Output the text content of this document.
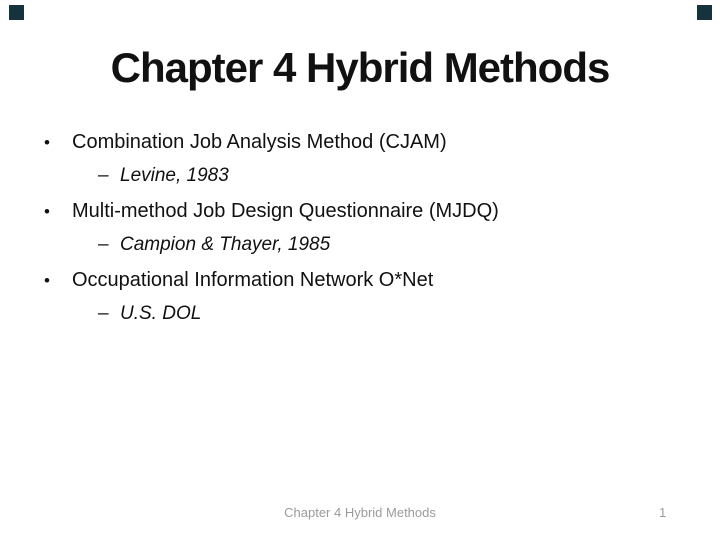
Chapter 4 Hybrid Methods
•	Combination Job Analysis Method (CJAM)
– Levine, 1983
•	Multi-method Job Design Questionnaire (MJDQ)
– Campion & Thayer, 1985
•	Occupational Information Network O*Net
– U.S. DOL
Chapter 4 Hybrid Methods	1
